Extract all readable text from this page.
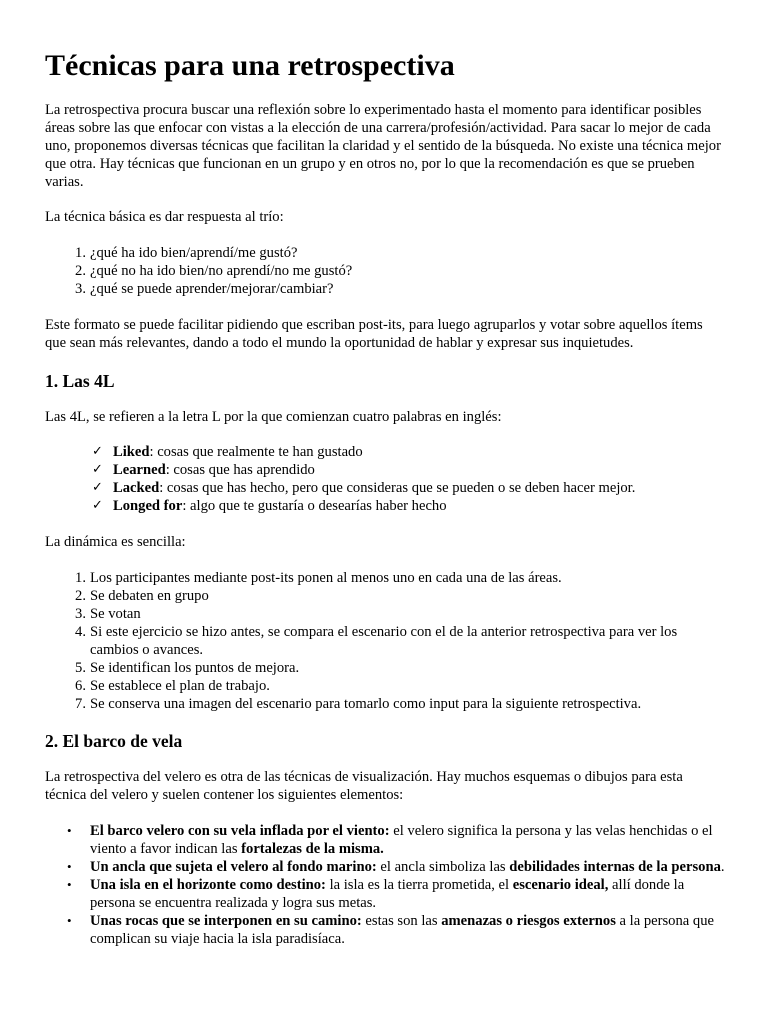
Técnicas para una retrospectiva

La retrospectiva procura buscar una reflexión sobre lo experimentado hasta el momento para identificar posibles áreas sobre las que enfocar con vistas a la elección de una carrera/profesión/actividad. Para sacar lo mejor de cada uno, proponemos diversas técnicas que facilitan la claridad y el sentido de la búsqueda. No existe una técnica mejor que otra. Hay técnicas que funcionan en un grupo y en otros no, por lo que la recomendación es que se prueben varias.

La técnica básica es dar respuesta al trío:

1. ¿qué ha ido bien/aprendí/me gustó?
2. ¿qué no ha ido bien/no aprendí/no me gustó?
3. ¿qué se puede aprender/mejorar/cambiar?

Este formato se puede facilitar pidiendo que escriban post-its, para luego agruparlos y votar sobre aquellos ítems que sean más relevantes, dando a todo el mundo la oportunidad de hablar y expresar sus inquietudes.

1. Las 4L

Las 4L, se refieren a la letra L por la que comienzan cuatro palabras en inglés:

✓ Liked: cosas que realmente te han gustado
✓ Learned: cosas que has aprendido
✓ Lacked: cosas que has hecho, pero que consideras que se pueden o se deben hacer mejor.
✓ Longed for: algo que te gustaría o desearías haber hecho

La dinámica es sencilla:

1. Los participantes mediante post-its ponen al menos uno en cada una de las áreas.
2. Se debaten en grupo
3. Se votan
4. Si este ejercicio se hizo antes, se compara el escenario con el de la anterior retrospectiva para ver los cambios o avances.
5. Se identifican los puntos de mejora.
6. Se establece el plan de trabajo.
7. Se conserva una imagen del escenario para tomarlo como input para la siguiente retrospectiva.
2. El barco de vela

La retrospectiva del velero es otra de las técnicas de visualización. Hay muchos esquemas o dibujos para esta técnica del velero y suelen contener los siguientes elementos:

• El barco velero con su vela inflada por el viento: el velero significa la persona y las velas henchidas o el viento a favor indican las fortalezas de la misma.
• Un ancla que sujeta el velero al fondo marino: el ancla simboliza las debilidades internas de la persona.
• Una isla en el horizonte como destino: la isla es la tierra prometida, el escenario ideal, allí donde la persona se encuentra realizada y logra sus metas.
• Unas rocas que se interponen en su camino: estas son las amenazas o riesgos externos a la persona que complican su viaje hacia la isla paradisíaca.
